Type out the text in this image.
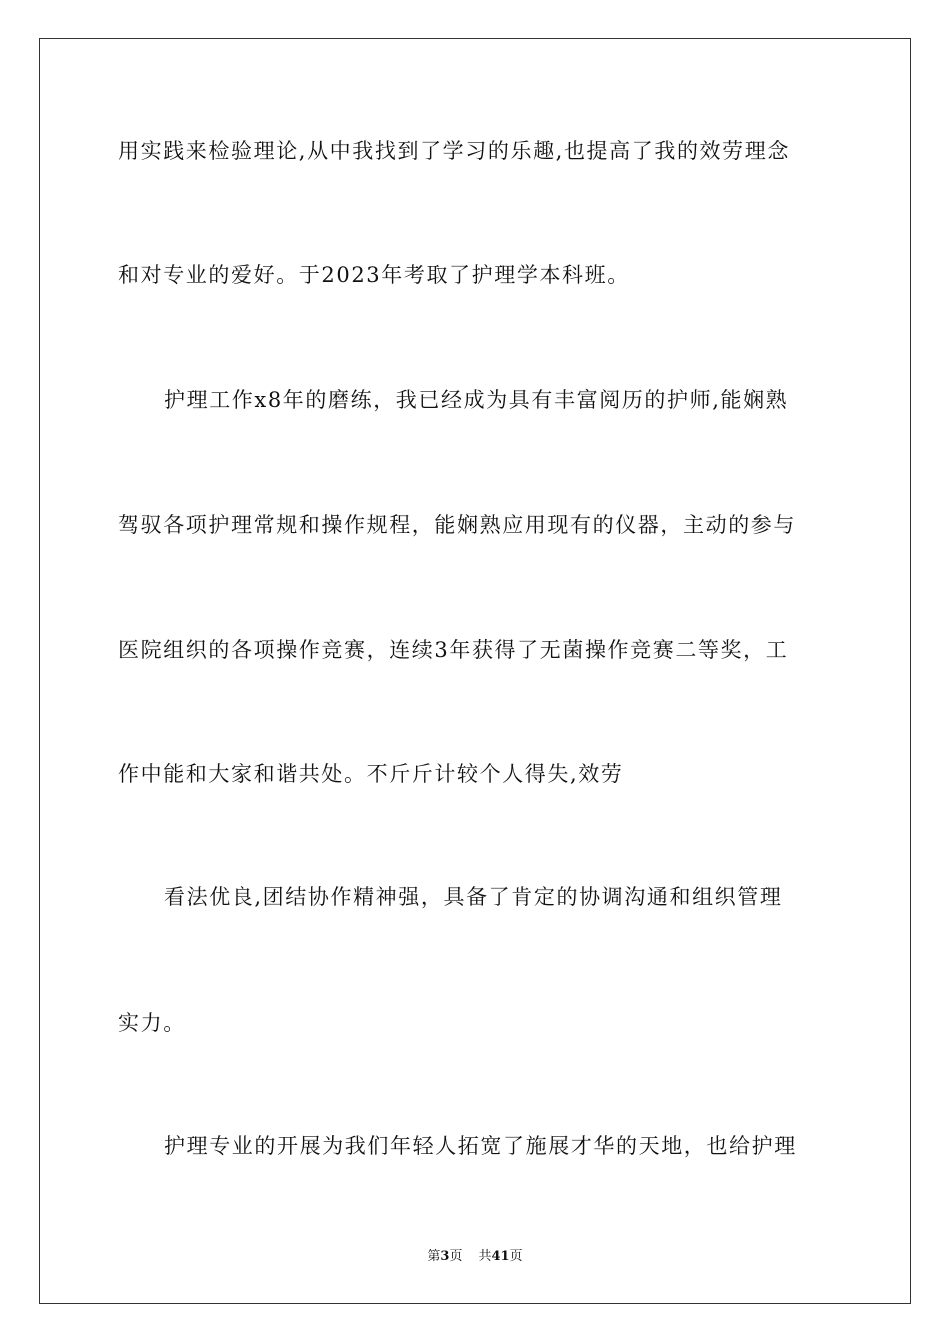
用实践来检验理论,从中我找到了学习的乐趣,也提高了我的效劳理念
和对专业的爱好。于2023年考取了护理学本科班。
护理工作x8年的磨练，我已经成为具有丰富阅历的护师,能娴熟
驾驭各项护理常规和操作规程，能娴熟应用现有的仪器，主动的参与
医院组织的各项操作竞赛，连续3年获得了无菌操作竞赛二等奖，工
作中能和大家和谐共处。不斤斤计较个人得失,效劳
看法优良,团结协作精神强，具备了肯定的协调沟通和组织管理
实力。
护理专业的开展为我们年轻人拓宽了施展才华的天地，也给护理
第3页 共41页
